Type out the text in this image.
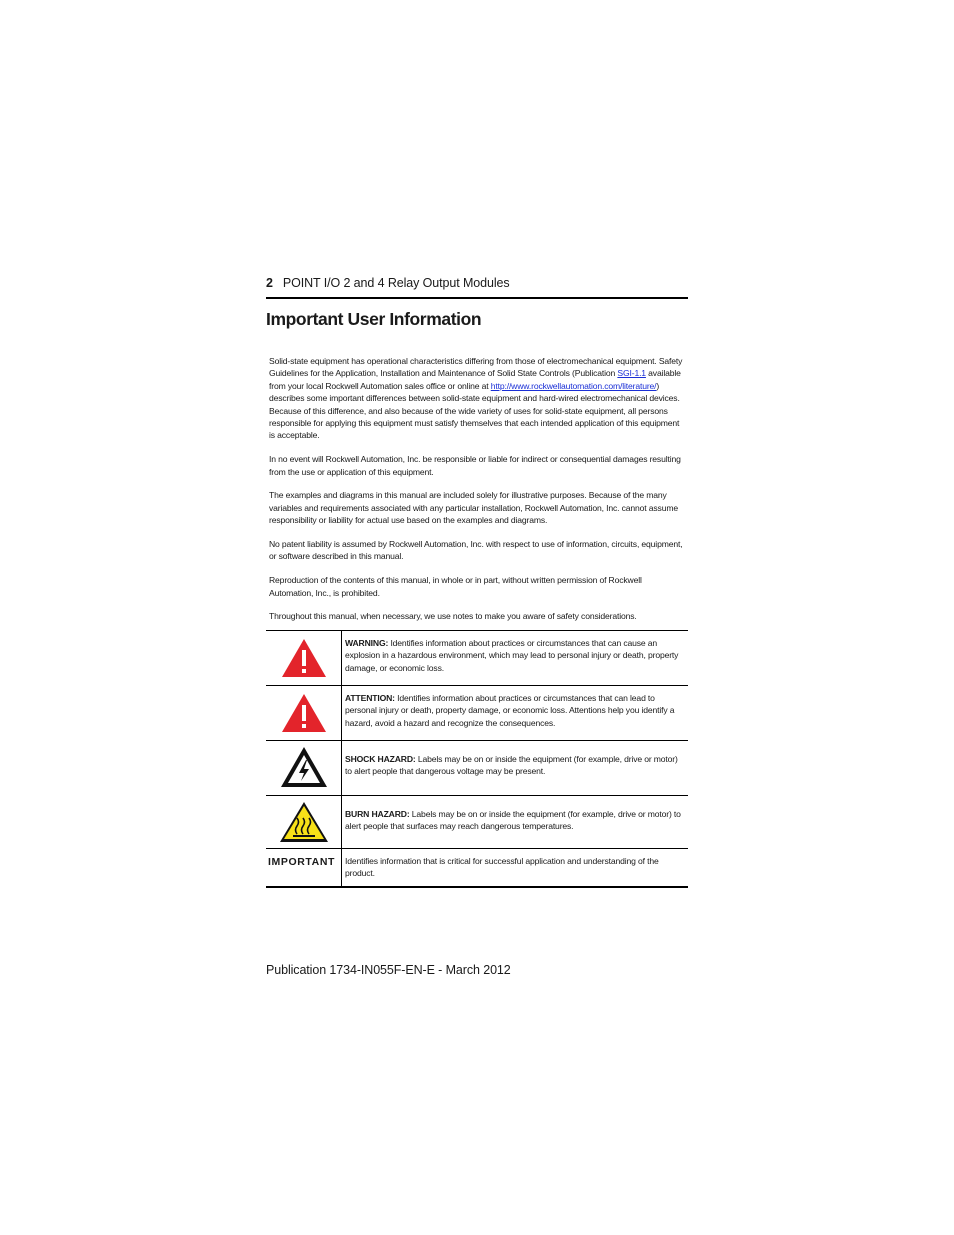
2 POINT I/O 2 and 4 Relay Output Modules
Important User Information

Solid-state equipment has operational characteristics differing from those of electromechanical equipment. Safety Guidelines for the Application, Installation and Maintenance of Solid State Controls (Publication SGI-1.1 available from your local Rockwell Automation sales office or online at http://www.rockwellautomation.com/literature/) describes some important differences between solid-state equipment and hard-wired electromechanical devices. Because of this difference, and also because of the wide variety of uses for solid-state equipment, all persons responsible for applying this equipment must satisfy themselves that each intended application of this equipment is acceptable.

In no event will Rockwell Automation, Inc. be responsible or liable for indirect or consequential damages resulting from the use or application of this equipment.

The examples and diagrams in this manual are included solely for illustrative purposes. Because of the many variables and requirements associated with any particular installation, Rockwell Automation, Inc. cannot assume responsibility or liability for actual use based on the examples and diagrams.

No patent liability is assumed by Rockwell Automation, Inc. with respect to use of information, circuits, equipment, or software described in this manual.

Reproduction of the contents of this manual, in whole or in part, without written permission of Rockwell Automation, Inc., is prohibited.

Throughout this manual, when necessary, we use notes to make you aware of safety considerations.

	WARNING: Identifies information about practices or circumstances that can cause an explosion in a hazardous environment, which may lead to personal injury or death, property damage, or economic loss.

	ATTENTION: Identifies information about practices or circumstances that can lead to personal injury or death, property damage, or economic loss. Attentions help you identify a hazard, avoid a hazard and recognize the consequences.

	SHOCK HAZARD: Labels may be on or inside the equipment (for example, drive or motor) to alert people that dangerous voltage may be present.

	BURN HAZARD: Labels may be on or inside the equipment (for example, drive or motor) to alert people that surfaces may reach dangerous temperatures.

IMPORTANT	Identifies information that is critical for successful application and understanding of the product.
Publication 1734-IN055F-EN-E - March 2012
